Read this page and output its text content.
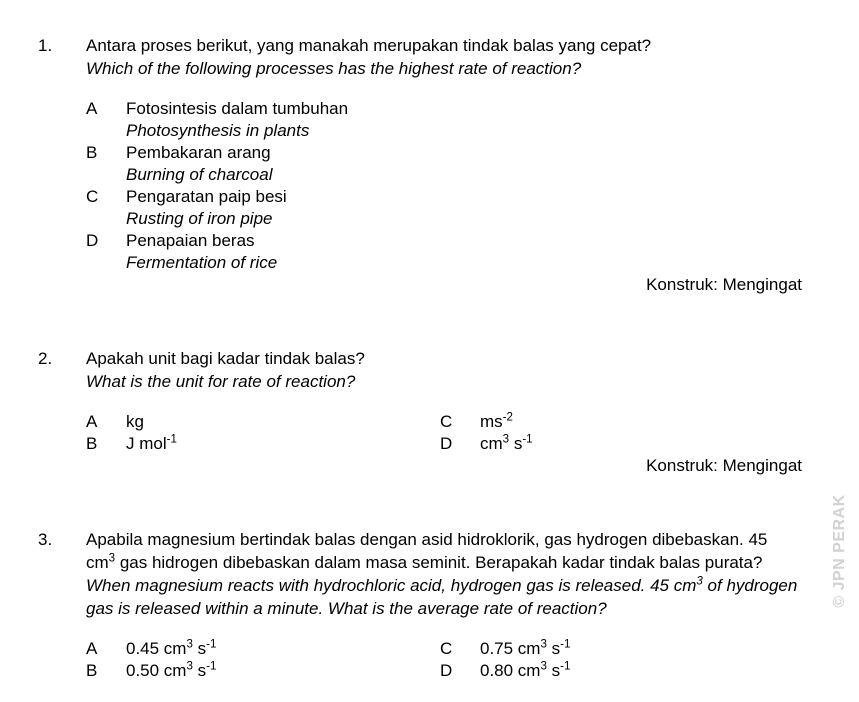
1.	Antara proses berikut, yang manakah merupakan tindak balas yang cepat?
Which of the following processes has the highest rate of reaction?
A	Fotosintesis dalam tumbuhan
Photosynthesis in plants
B	Pembakaran arang
Burning of charcoal
C	Pengaratan paip besi
Rusting of iron pipe
D	Penapaian beras
Fermentation of rice
Konstruk: Mengingat
2.	Apakah unit bagi kadar tindak balas?
What is the unit for rate of reaction?
A	kg	C	$ms^{-2}$
B	J mol$^{-1}$	D	$cm^3$ $s^{-1}$
Konstruk: Mengingat
3.	Apabila magnesium bertindak balas dengan asid hidroklorik, gas hydrogen dibebaskan. 45 $cm^3$ gas hidrogen dibebaskan dalam masa seminit. Berapakah kadar tindak balas purata?
When magnesium reacts with hydrochloric acid, hydrogen gas is released. 45 $cm^3$ of hydrogen gas is released within a minute. What is the average rate of reaction?
A	0.45 $cm^3$ $s^{-1}$	C	0.75 $cm^3$ $s^{-1}$
B	0.50 $cm^3$ $s^{-1}$	D	0.80 $cm^3$ $s^{-1}$
© JPN PERAK
